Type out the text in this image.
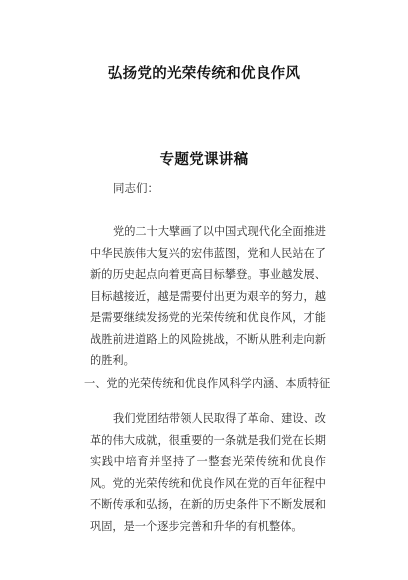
弘扬党的光荣传统和优良作风
专题党课讲稿
同志们：

党的二十大擘画了以中国式现代化全面推进中华民族伟大复兴的宏伟蓝图，党和人民站在了新的历史起点向着更高目标攀登。事业越发展、目标越接近，越是需要付出更为艰辛的努力，越是需要继续发扬党的光荣传统和优良作风，才能战胜前进道路上的风险挑战，不断从胜利走向新的胜利。

一、党的光荣传统和优良作风科学内涵、本质特征

我们党团结带领人民取得了革命、建设、改革的伟大成就，很重要的一条就是我们党在长期实践中培育并坚持了一整套光荣传统和优良作风。党的光荣传统和优良作风在党的百年征程中不断传承和弘扬，在新的历史条件下不断发展和巩固，是一个逐步完善和升华的有机整体。
